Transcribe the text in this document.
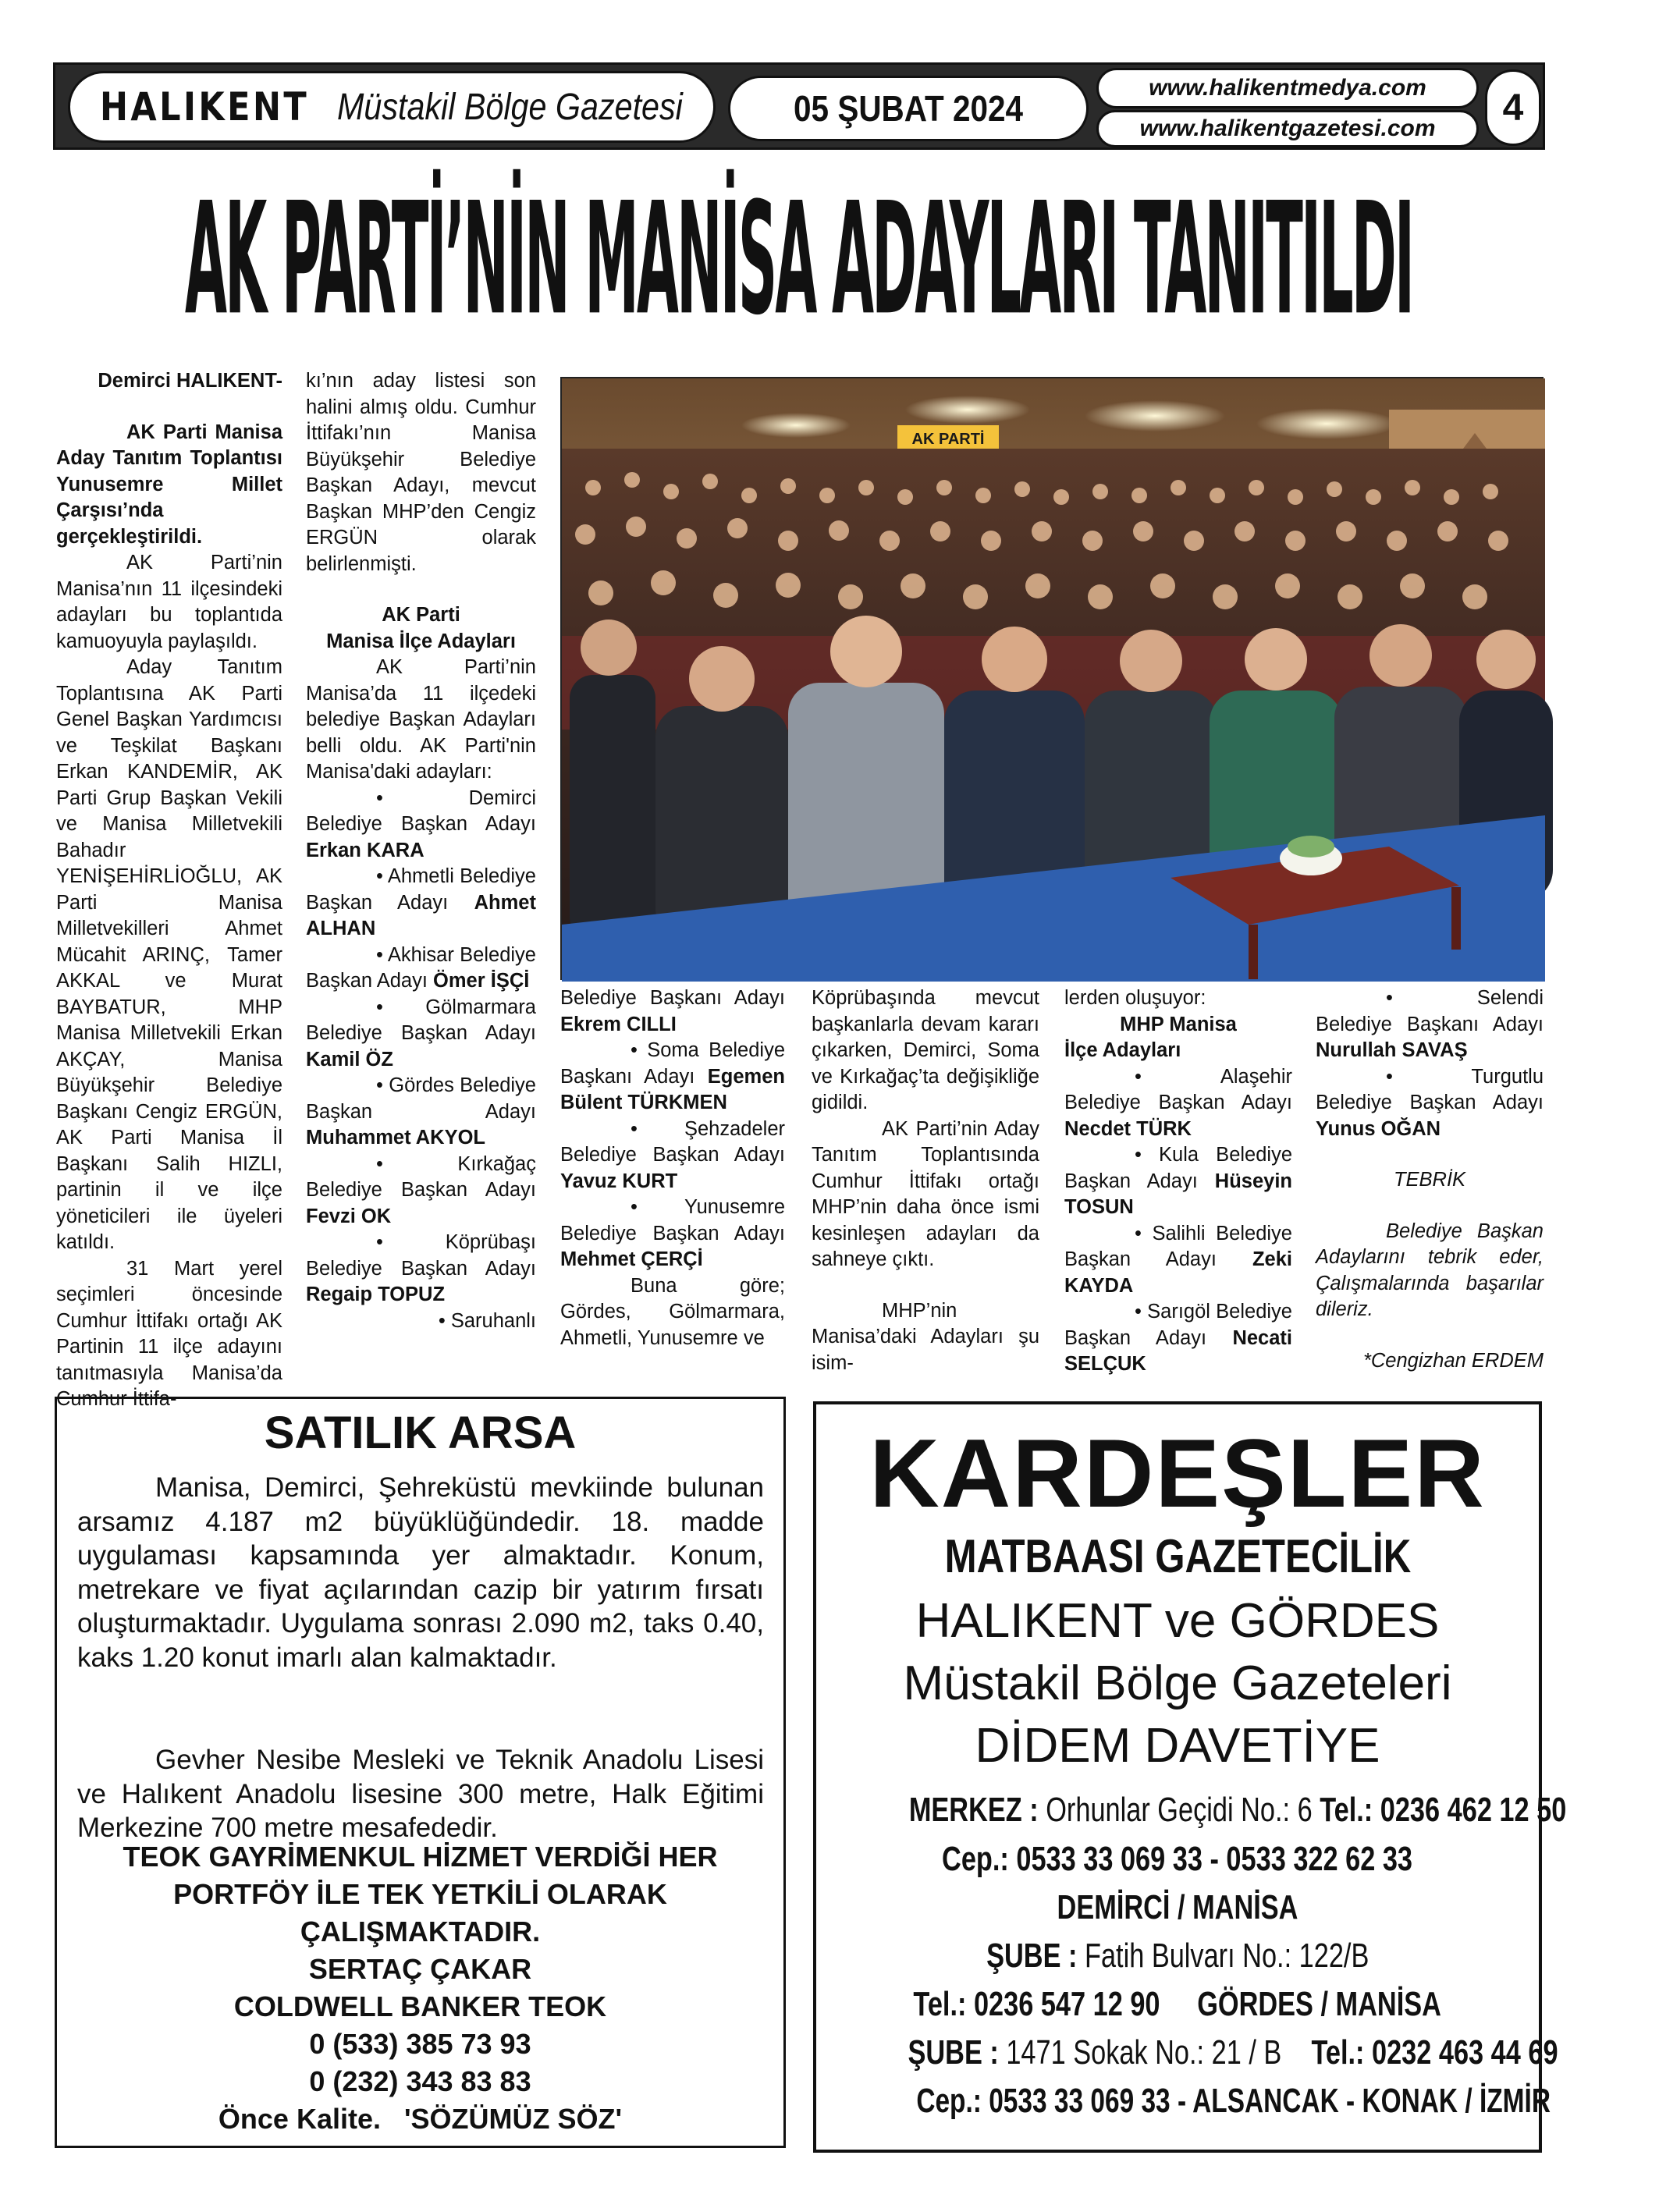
HALIKENT Müstakil Bölge Gazetesi	05 ŞUBAT 2024
www.halikentmedya.com
www.halikentgazetesi.com 4
AK PARTİ’NİN MANİSA ADAYLARI TANITILDI

Demirci HALIKENT-

AK Parti Manisa Aday Tanıtım Toplantısı Yunusemre Millet Çarşısı’nda gerçekleştirildi.

AK Parti’nin Manisa’nın 11 ilçesindeki adayları bu toplantıda kamuoyuyla paylaşıldı.

Aday Tanıtım Toplantısına AK Parti Genel Başkan Yardımcısı ve Teşkilat Başkanı Erkan KANDEMİR, AK Parti Grup Başkan Vekili ve Manisa Milletvekili Bahadır YENİŞEHİRLİOĞLU, AK Parti Manisa Milletvekilleri Ahmet Mücahit ARINÇ, Tamer AKKAL ve Murat BAYBATUR, MHP Manisa Milletvekili Erkan AKÇAY, Manisa Büyükşehir Belediye Başkanı Cengiz ERGÜN, AK Parti Manisa İl Başkanı Salih HIZLI, partinin il ve ilçe yöneticileri ile üyeleri katıldı.

31 Mart yerel seçimleri öncesinde Cumhur İttifakı ortağı AK Partinin 11 ilçe adayını tanıtmasıyla Manisa’da Cumhur İttifa-

kı’nın aday listesi son halini almış oldu. Cumhur İttifakı’nın Manisa Büyükşehir Belediye Başkan Adayı, mevcut Başkan MHP’den Cengiz ERGÜN olarak belirlenmişti.

AK Parti

Manisa İlçe Adayları

AK Parti’nin Manisa’da 11 ilçedeki belediye Başkan Adayları belli oldu. AK Parti'nin Manisa'daki adayları:

• Demirci Belediye Başkan Adayı Erkan KARA

• Ahmetli Belediye Başkan Adayı Ahmet ALHAN

• Akhisar Belediye Başkan Adayı Ömer İŞÇİ

• Gölmarmara Belediye Başkan Adayı Kamil ÖZ

• Gördes Belediye Başkan Adayı Muhammet AKYOL

• Kırkağaç Belediye Başkan Adayı Fevzi OK

• Köprübaşı Belediye Başkan Adayı Regaip TOPUZ

• Saruhanlı

AK PARTİ

Belediye Başkanı Adayı Ekrem CILLI

• Soma Belediye Başkanı Adayı Egemen Bülent TÜRKMEN

• Şehzadeler Belediye Başkan Adayı Yavuz KURT

• Yunusemre Belediye Başkan Adayı Mehmet ÇERÇİ

Buna göre; Gördes, Gölmarmara, Ahmetli, Yunusemre ve

Köprübaşında mevcut başkanlarla devam kararı çıkarken, Demirci, Soma ve Kırkağaç’ta değişikliğe gidildi.

AK Parti’nin Aday Tanıtım Toplantısında Cumhur İttifakı ortağı MHP’nin daha önce ismi kesinleşen adayları da sahneye çıktı.

MHP’nin Manisa’daki Adayları şu isim-

lerden oluşuyor:

MHP Manisa

İlçe Adayları

• Alaşehir Belediye Başkan Adayı Necdet TÜRK

• Kula Belediye Başkan Adayı Hüseyin TOSUN

• Salihli Belediye Başkan Adayı Zeki KAYDA

• Sarıgöl Belediye Başkan Adayı Necati SELÇUK

• Selendi Belediye Başkanı Adayı Nurullah SAVAŞ

• Turgutlu Belediye Başkan Adayı Yunus OĞAN

TEBRİK

Belediye Başkan Adaylarını tebrik eder, Çalışmalarında başarılar dileriz.

*Cengizhan ERDEM

SATILIK ARSA
Manisa, Demirci, Şehreküstü mevkiinde bulunan arsamız 4.187 m2 büyüklüğündedir. 18. madde uygulaması kapsamında yer almaktadır. Konum, metrekare ve fiyat açılarından cazip bir yatırım fırsatı oluşturmaktadır. Uygulama sonrası 2.090 m2, taks 0.40, kaks 1.20 konut imarlı alan kalmaktadır.
Gevher Nesibe Mesleki ve Teknik Anadolu Lisesi ve Halıkent Anadolu lisesine 300 metre, Halk Eğitimi Merkezine 700 metre mesafededir.
TEOK GAYRİMENKUL HİZMET VERDİĞİ HER
PORTFÖY İLE TEK YETKİLİ OLARAK
ÇALIŞMAKTADIR.
SERTAÇ ÇAKAR
COLDWELL BANKER TEOK
0 (533) 385 73 93
0 (232) 343 83 83
Önce Kalite.   'SÖZÜMÜZ SÖZ'
KARDEŞLER
MATBAASI GAZETECİLİK
HALIKENT ve GÖRDES
Müstakil Bölge Gazeteleri
DİDEM DAVETİYE
MERKEZ : Orhunlar Geçidi No.: 6 Tel.: 0236 462 12 50
Cep.: 0533 33 069 33 - 0533 322 62 33
DEMİRCİ / MANİSA
ŞUBE : Fatih Bulvarı No.: 122/B
Tel.: 0236 547 12 90 GÖRDES / MANİSA
ŞUBE : 1471 Sokak No.: 21 / B Tel.: 0232 463 44 69
Cep.: 0533 33 069 33 - ALSANCAK - KONAK / İZMİR
